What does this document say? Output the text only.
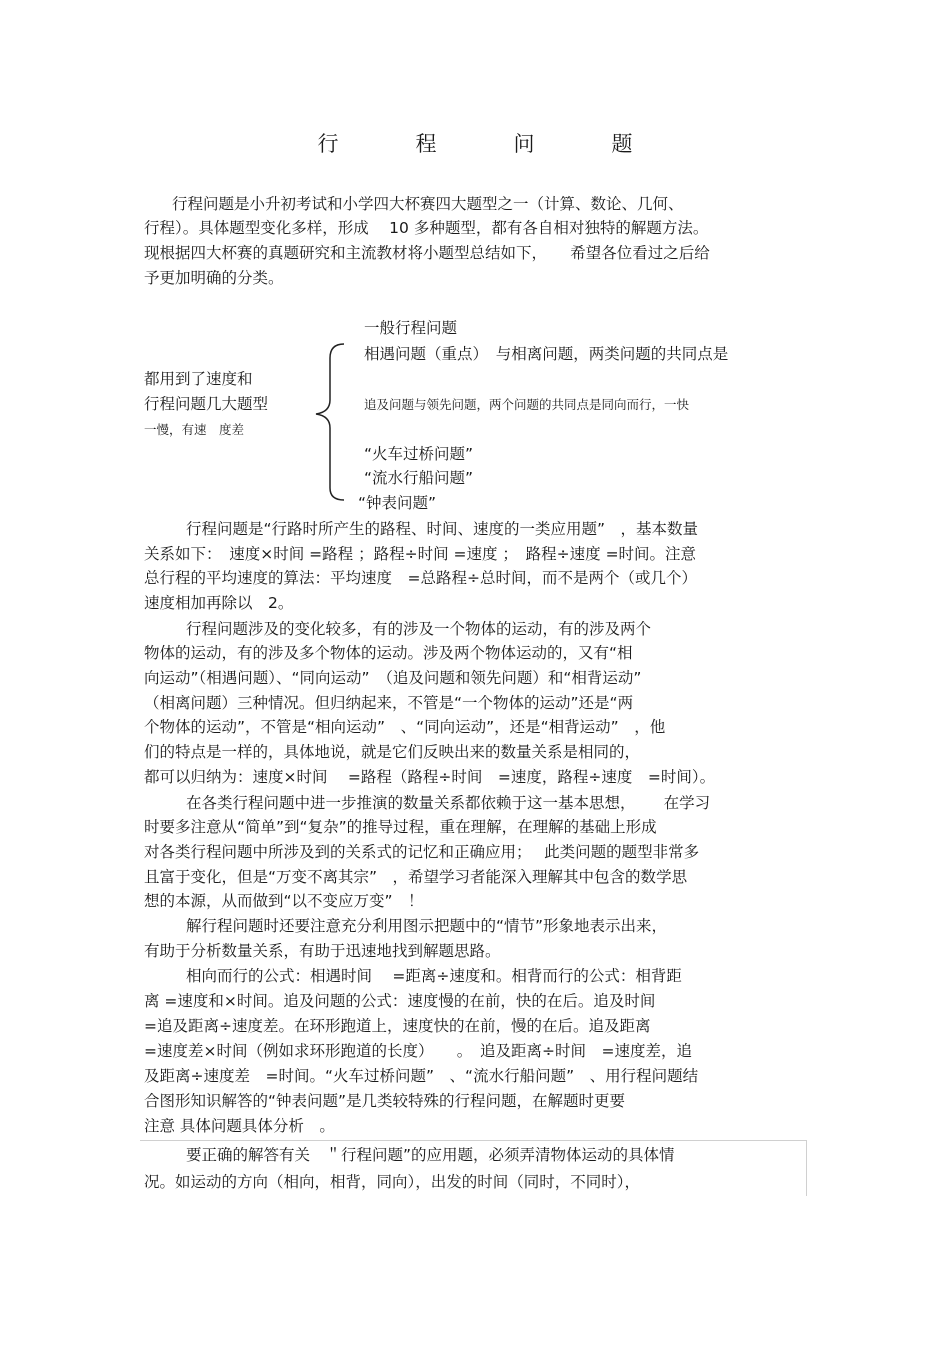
行　程　问　题
行程问题是小升初考试和小学四大杯赛四大题型之一（计算、数论、几何、
行程）。具体题型变化多样，形成　 10 多种题型，都有各自相对独特的解题方法。
现根据四大杯赛的真题研究和主流教材将小题型总结如下，　　希望各位看过之后给
予更加明确的分类。
一般行程问题
相遇问题（重点）　与相离问题，两类问题的共同点是
都用到了速度和
行程问题几大题型	追及问题与领先问题，两个问题的共同点是同向而行，一快
一慢，有速　度差
“火车过桥问题”
“流水行船问题”
“钟表问题”
行程问题是“行路时所产生的路程、时间、速度的一类应用题”　，基本数量
关系如下：　速度×时间 =路程 ；路程÷时间 =速度 ；　路程÷速度 =时间。注意
总行程的平均速度的算法：平均速度　=总路程÷总时间，而不是两个（或几个）
速度相加再除以　2。
行程问题涉及的变化较多，有的涉及一个物体的运动，有的涉及两个
物体的运动，有的涉及多个物体的运动。涉及两个物体运动的，又有“相
向运动”（相遇问题）、“同向运动”　（追及问题和领先问题）和“相背运动”
（相离问题）三种情况。但归纳起来，不管是“一个物体的运动”还是“两
个物体的运动”，不管是“相向运动”　、“同向运动”，还是“相背运动”　，他
们的特点是一样的，具体地说，就是它们反映出来的数量关系是相同的，
都可以归纳为：速度×时间　 =路程（路程÷时间　=速度，路程÷速度　=时间）。
在各类行程问题中进一步推演的数量关系都依赖于这一基本思想，　　 在学习
时要多注意从“简单”到“复杂”的推导过程，重在理解，在理解的基础上形成
对各类行程问题中所涉及到的关系式的记忆和正确应用；　 此类问题的题型非常多
且富于变化，但是“万变不离其宗”　，希望学习者能深入理解其中包含的数学思
想的本源，从而做到“以不变应万变”　！
解行程问题时还要注意充分利用图示把题中的“情节”形象地表示出来，
有助于分析数量关系，有助于迅速地找到解题思路。
相向而行的公式：相遇时间　 =距离÷速度和。相背而行的公式：相背距
离 =速度和×时间。追及问题的公式：速度慢的在前，快的在后。追及时间
=追及距离÷速度差。在环形跑道上，速度快的在前，慢的在后。追及距离
=速度差×时间（例如求环形跑道的长度）　　。　追及距离÷时间　=速度差，追
及距离÷速度差　=时间。“火车过桥问题”　、“流水行船问题”　、用行程问题结
合图形知识解答的“钟表问题”是几类较特殊的行程问题，在解题时更要
注意 具体问题具体分析　。
要正确的解答有关　＂行程问题”的应用题，必须弄清物体运动的具体情
况。如运动的方向（相向，相背，同向），出发的时间（同时，不同时），
